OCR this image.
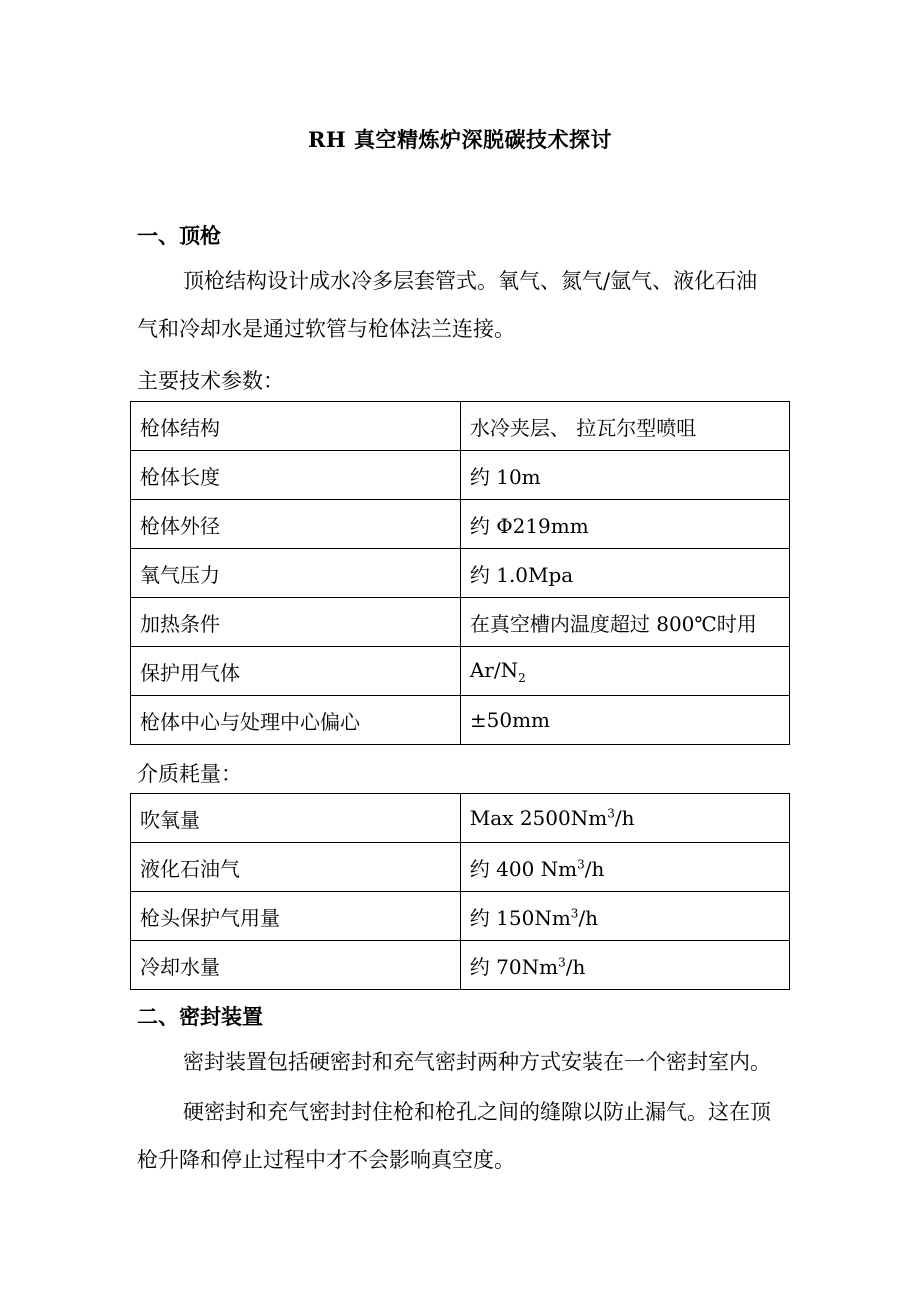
RH 真空精炼炉深脱碳技术探讨
一、顶枪
顶枪结构设计成水冷多层套管式。氧气、氮气/氩气、液化石油
气和冷却水是通过软管与枪体法兰连接。
主要技术参数：
枪体结构	水冷夹层、 拉瓦尔型喷咀
枪体长度	约 10m
枪体外径	约 Φ219mm
氧气压力	约 1.0Mpa
加热条件	在真空槽内温度超过 800℃时用
保护用气体	$Ar/N_2$
枪体中心与处理中心偏心	±50mm
介质耗量：
吹氧量	Max 2500Nm$^3$/h
液化石油气	约 400 Nm$^3$/h
枪头保护气用量	约 150Nm$^3$/h
冷却水量	约 70Nm$^3$/h
二、密封装置
密封装置包括硬密封和充气密封两种方式安装在一个密封室内。
硬密封和充气密封封住枪和枪孔之间的缝隙以防止漏气。这在顶
枪升降和停止过程中才不会影响真空度。
